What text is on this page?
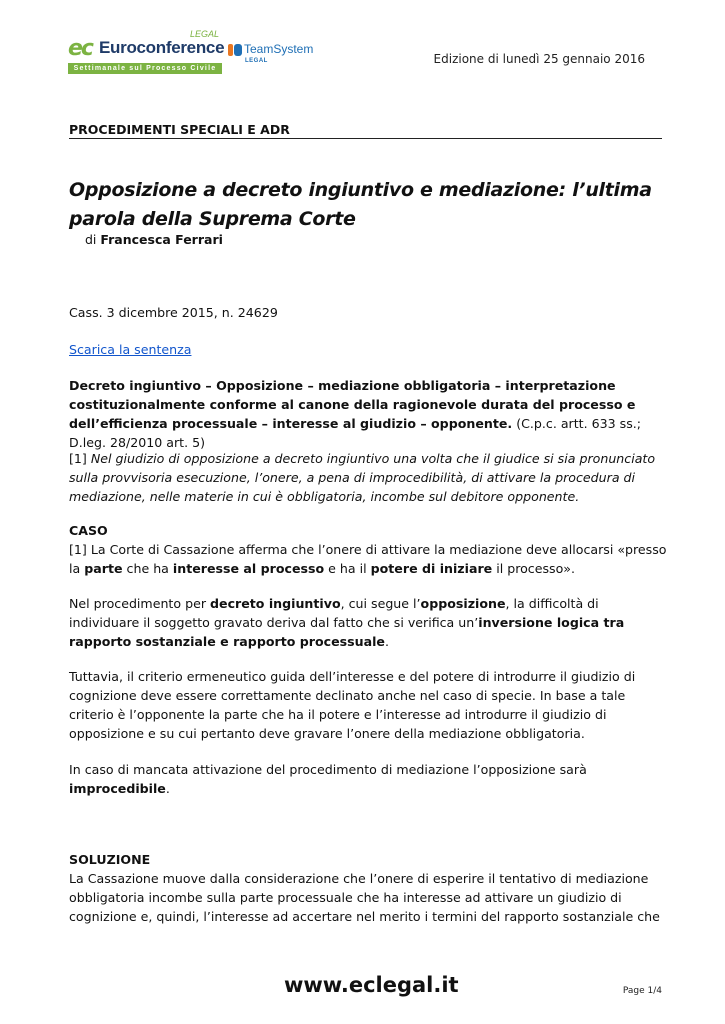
ec Euroconference
LEGAL
Settimanale sul Processo Civile
TeamSystem
LEGAL	Edizione di lunedì 25 gennaio 2016
PROCEDIMENTI SPECIALI E ADR
Opposizione a decreto ingiuntivo e mediazione: l’ultima parola della Suprema Corte
di Francesca Ferrari
Cass. 3 dicembre 2015, n. 24629
Scarica la sentenza
Decreto ingiuntivo – Opposizione – mediazione obbligatoria – interpretazione costituzionalmente conforme al canone della ragionevole durata del processo e dell’efficienza processuale – interesse al giudizio – opponente. (C.p.c. artt. 633 ss.; D.leg. 28/2010 art. 5)
[1] Nel giudizio di opposizione a decreto ingiuntivo una volta che il giudice si sia pronunciato sulla provvisoria esecuzione, l’onere, a pena di improcedibilità, di attivare la procedura di mediazione, nelle materie in cui è obbligatoria, incombe sul debitore opponente.
CASO
[1] La Corte di Cassazione afferma che l’onere di attivare la mediazione deve allocarsi «presso la parte che ha interesse al processo e ha il potere di iniziare il processo».
Nel procedimento per decreto ingiuntivo, cui segue l’opposizione, la difficoltà di individuare il soggetto gravato deriva dal fatto che si verifica un’inversione logica tra rapporto sostanziale e rapporto processuale.
Tuttavia, il criterio ermeneutico guida dell’interesse e del potere di introdurre il giudizio di cognizione deve essere correttamente declinato anche nel caso di specie. In base a tale criterio è l’opponente la parte che ha il potere e l’interesse ad introdurre il giudizio di opposizione e su cui pertanto deve gravare l’onere della mediazione obbligatoria.
In caso di mancata attivazione del procedimento di mediazione l’opposizione sarà improcedibile.
SOLUZIONE
La Cassazione muove dalla considerazione che l’onere di esperire il tentativo di mediazione obbligatoria incombe sulla parte processuale che ha interesse ad attivare un giudizio di cognizione e, quindi, l’interesse ad accertare nel merito i termini del rapporto sostanziale che
www.eclegal.it	Page 1/4
